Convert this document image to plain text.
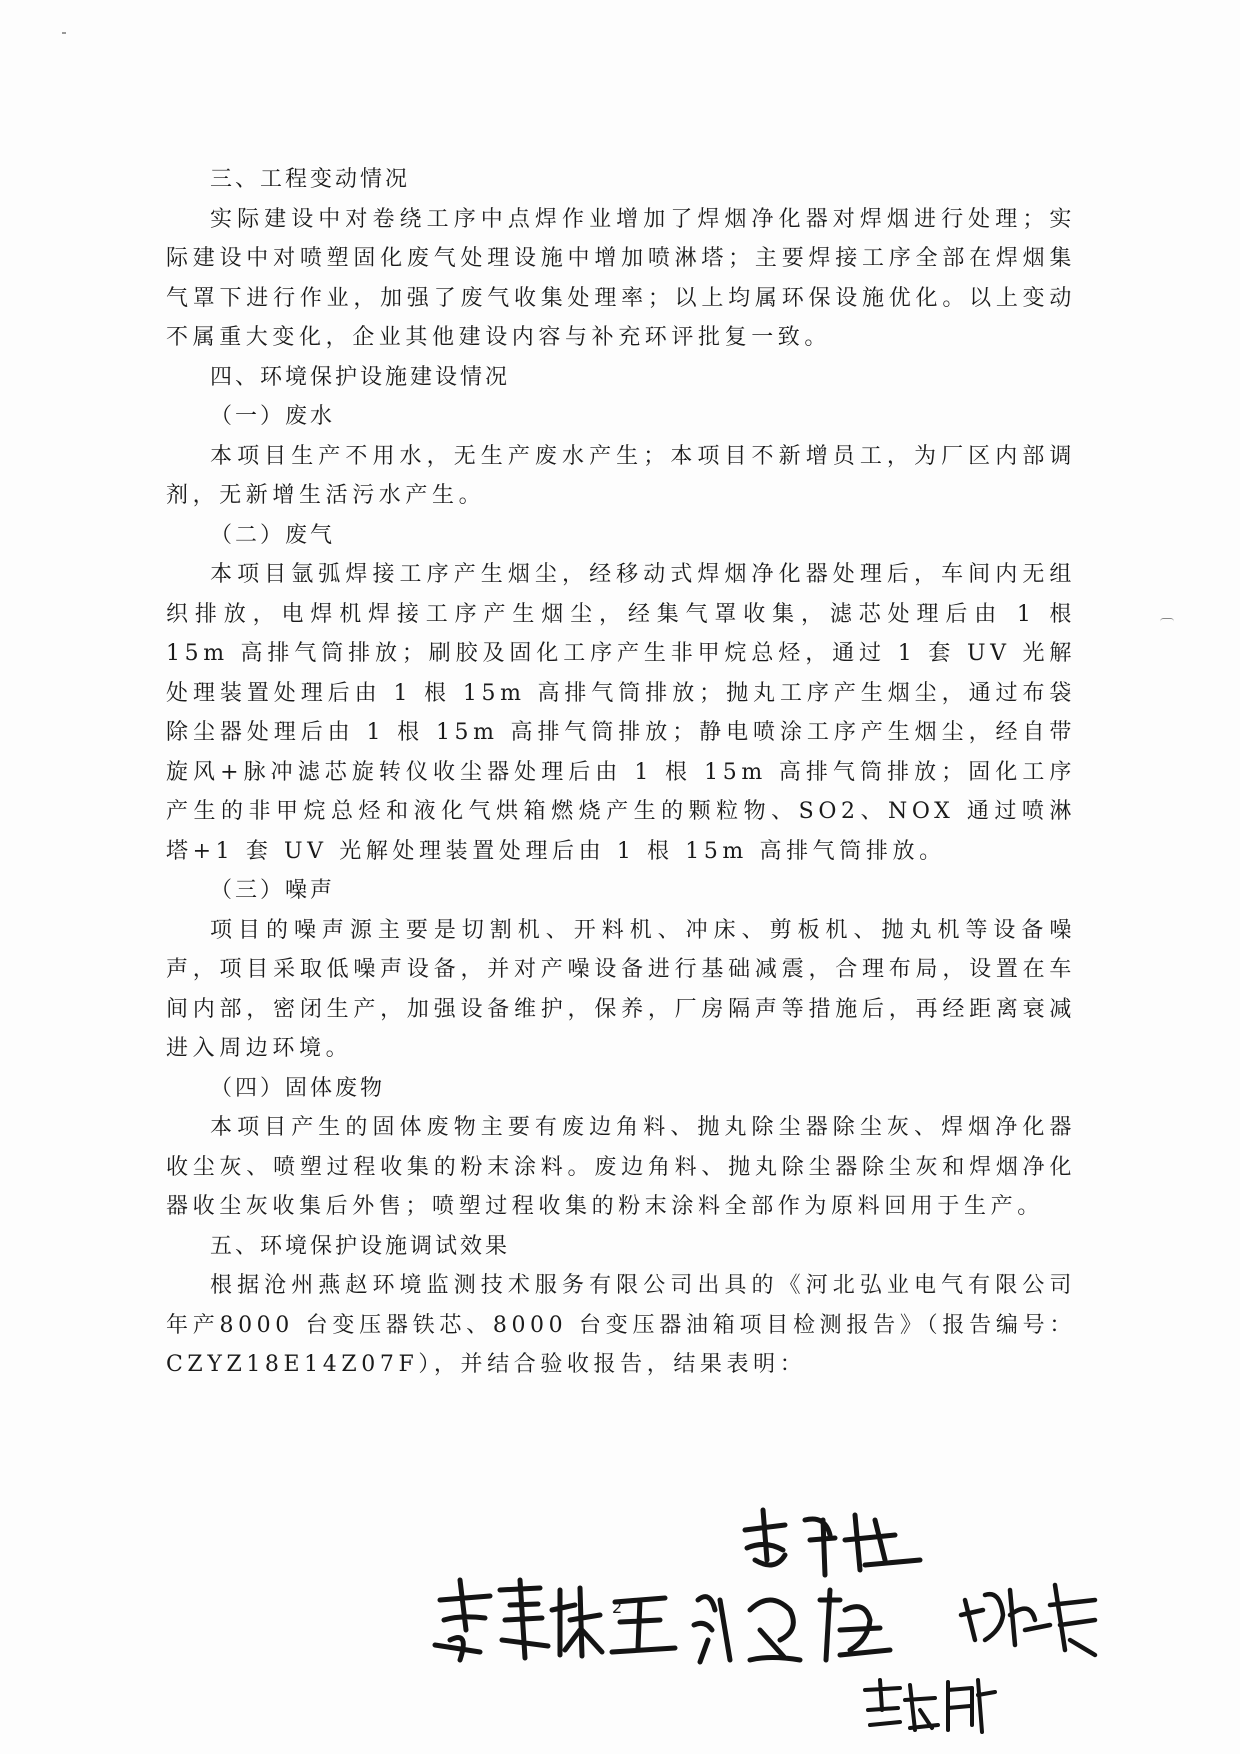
三、工程变动情况

实际建设中对卷绕工序中点焊作业增加了焊烟净化器对焊烟进行处理；实际建设中对喷塑固化废气处理设施中增加喷淋塔；主要焊接工序全部在焊烟集气罩下进行作业，加强了废气收集处理率；以上均属环保设施优化。以上变动不属重大变化，企业其他建设内容与补充环评批复一致。

四、环境保护设施建设情况

（一）废水

本项目生产不用水，无生产废水产生；本项目不新增员工，为厂区内部调剂，无新增生活污水产生。

（二）废气

本项目氩弧焊接工序产生烟尘，经移动式焊烟净化器处理后，车间内无组织排放，电焊机焊接工序产生烟尘，经集气罩收集，滤芯处理后由 1 根 15m 高排气筒排放；刷胶及固化工序产生非甲烷总烃，通过 1 套 UV 光解处理装置处理后由 1 根 15m 高排气筒排放；抛丸工序产生烟尘，通过布袋除尘器处理后由 1 根 15m 高排气筒排放；静电喷涂工序产生烟尘，经自带旋风+脉冲滤芯旋转仪收尘器处理后由 1 根 15m 高排气筒排放；固化工序产生的非甲烷总烃和液化气烘箱燃烧产生的颗粒物、SO2、NOX 通过喷淋塔+1 套 UV 光解处理装置处理后由 1 根 15m 高排气筒排放。

（三）噪声

项目的噪声源主要是切割机、开料机、冲床、剪板机、抛丸机等设备噪声，项目采取低噪声设备，并对产噪设备进行基础减震，合理布局，设置在车间内部，密闭生产，加强设备维护，保养，厂房隔声等措施后，再经距离衰减进入周边环境。

（四）固体废物

本项目产生的固体废物主要有废边角料、抛丸除尘器除尘灰、焊烟净化器收尘灰、喷塑过程收集的粉末涂料。废边角料、抛丸除尘器除尘灰和焊烟净化器收尘灰收集后外售；喷塑过程收集的粉末涂料全部作为原料回用于生产。

五、环境保护设施调试效果

根据沧州燕赵环境监测技术服务有限公司出具的《河北弘业电气有限公司年产8000 台变压器铁芯、8000 台变压器油箱项目检测报告》（报告编号：CZYZ18E14Z07F），并结合验收报告，结果表明：

2
